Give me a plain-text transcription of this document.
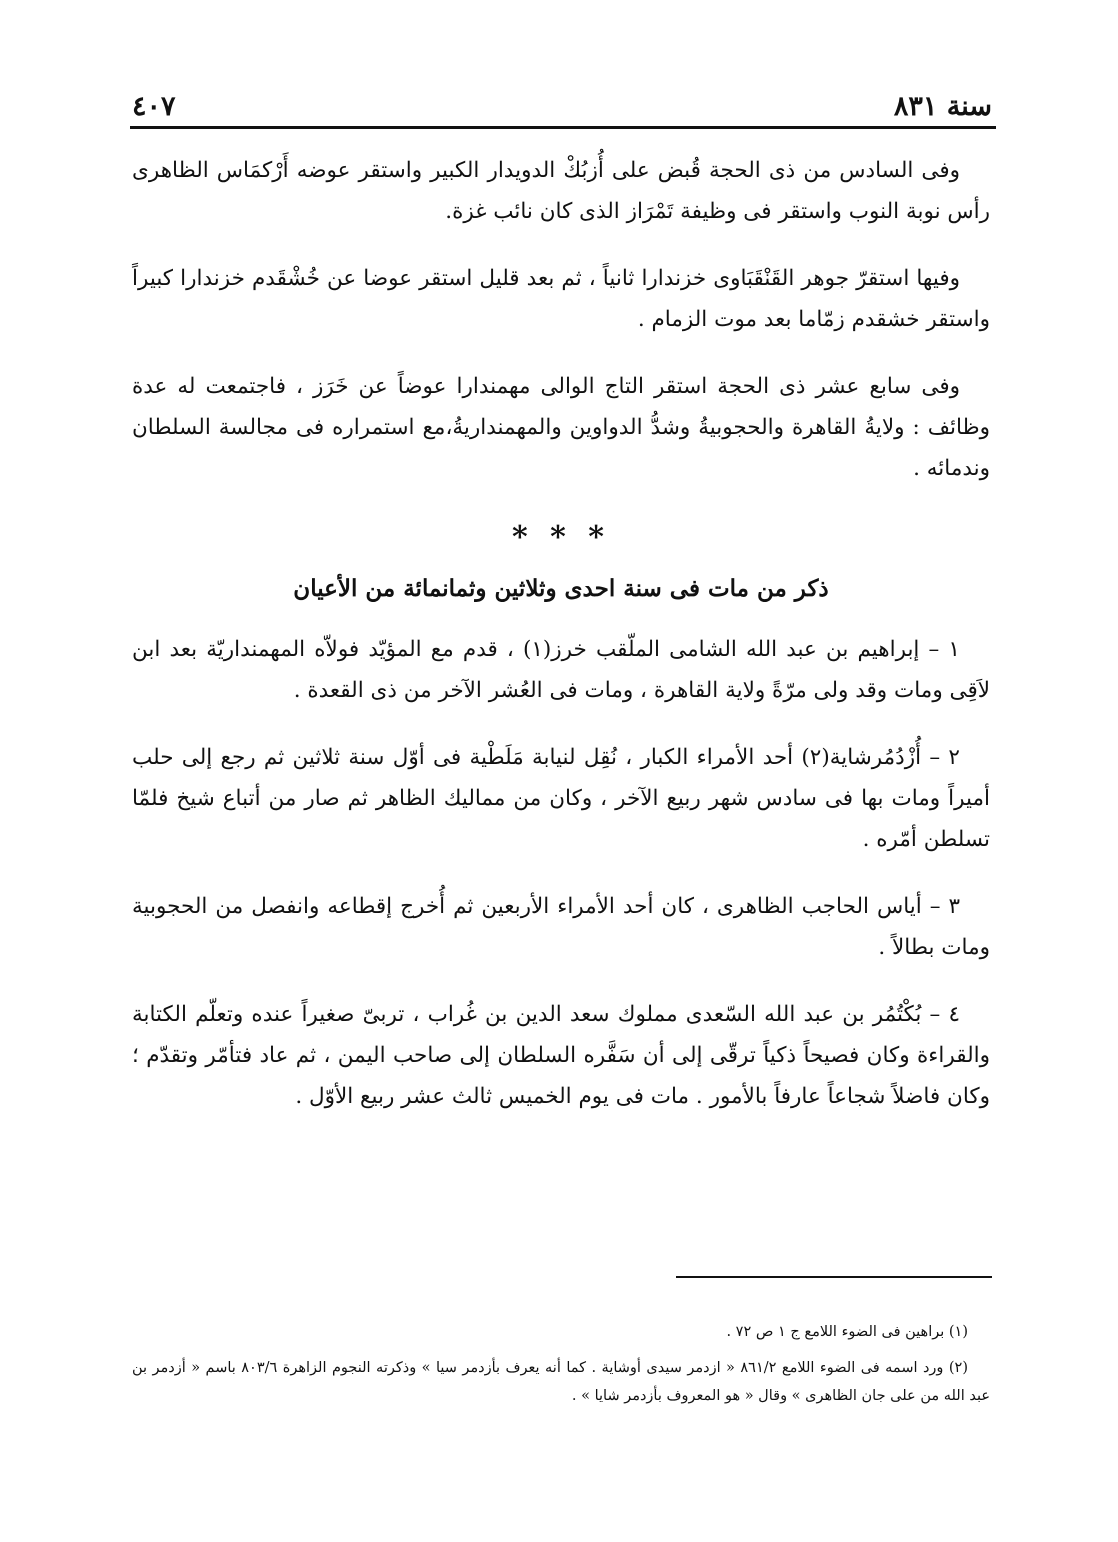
سنة ٨٣١
٤٠٧

وفى السادس من ذى الحجة قُبض على أُزبُكْ الدويدار الكبير واستقر عوضه أَرْكمَاس الظاهرى رأس نوبة النوب واستقر فى وظيفة تَمْرَاز الذى كان نائب غزة.

وفيها استقرّ جوهر القَنْقَبَاوى خزندارا ثانياً ، ثم بعد قليل استقر عوضا عن خُشْقَدم خزندارا كبيراً واستقر خشقدم زمّاما بعد موت الزمام .

وفى سابع عشر ذى الحجة استقر التاج الوالى مهمندارا عوضاً عن خَرَز ، فاجتمعت له عدة وظائف : ولايةُ القاهرة والحجوبيةُ وشدُّ الدواوين والمهمنداريةُ،مع استمراره فى مجالسة السلطان وندمائه .

* * *
ذكر من مات فى سنة احدى وثلاثين وثمانمائة من الأعيان

١ – إبراهيم بن عبد الله الشامى الملّقب خرز(١) ، قدم مع المؤيّد فولاّه المهمنداريّة بعد ابن لاَقِى ومات وقد ولى مرّةً ولاية القاهرة ، ومات فى العُشر الآخر من ذى القعدة .

٢ – أُزْدُمُرشاية(٢) أحد الأمراء الكبار ، نُقِل لنيابة مَلَطْية فى أوّل سنة ثلاثين ثم رجع إلى حلب أميراً ومات بها فى سادس شهر ربيع الآخر ، وكان من مماليك الظاهر ثم صار من أتباع شيخ فلمّا تسلطن أمّره .

٣ – أياس الحاجب الظاهرى ، كان أحد الأمراء الأربعين ثم أُخرج إقطاعه وانفصل من الحجوبية ومات بطالاً .

٤ – بُكْتُمُر بن عبد الله السّعدى مملوك سعد الدين بن غُراب ، تربىّ صغيراً عنده وتعلّم الكتابة والقراءة وكان فصيحاً ذكياً ترقّى إلى أن سَفَّره السلطان إلى صاحب اليمن ، ثم عاد فتأمّر وتقدّم ؛ وكان فاضلاً شجاعاً عارفاً بالأمور . مات فى يوم الخميس ثالث عشر ربيع الأوّل .

(١) براهين فى الضوء اللامع ج ١ ص ٧٢ .

(٢) ورد اسمه فى الضوء اللامع ٨٦١/٢ « ازدمر سيدى أوشاية . كما أنه يعرف بأزدمر سيا » وذكرته النجوم الزاهرة ٨٠٣/٦ باسم « أزدمر بن عبد الله من على جان الظاهرى » وقال « هو المعروف بأزدمر شايا » .
